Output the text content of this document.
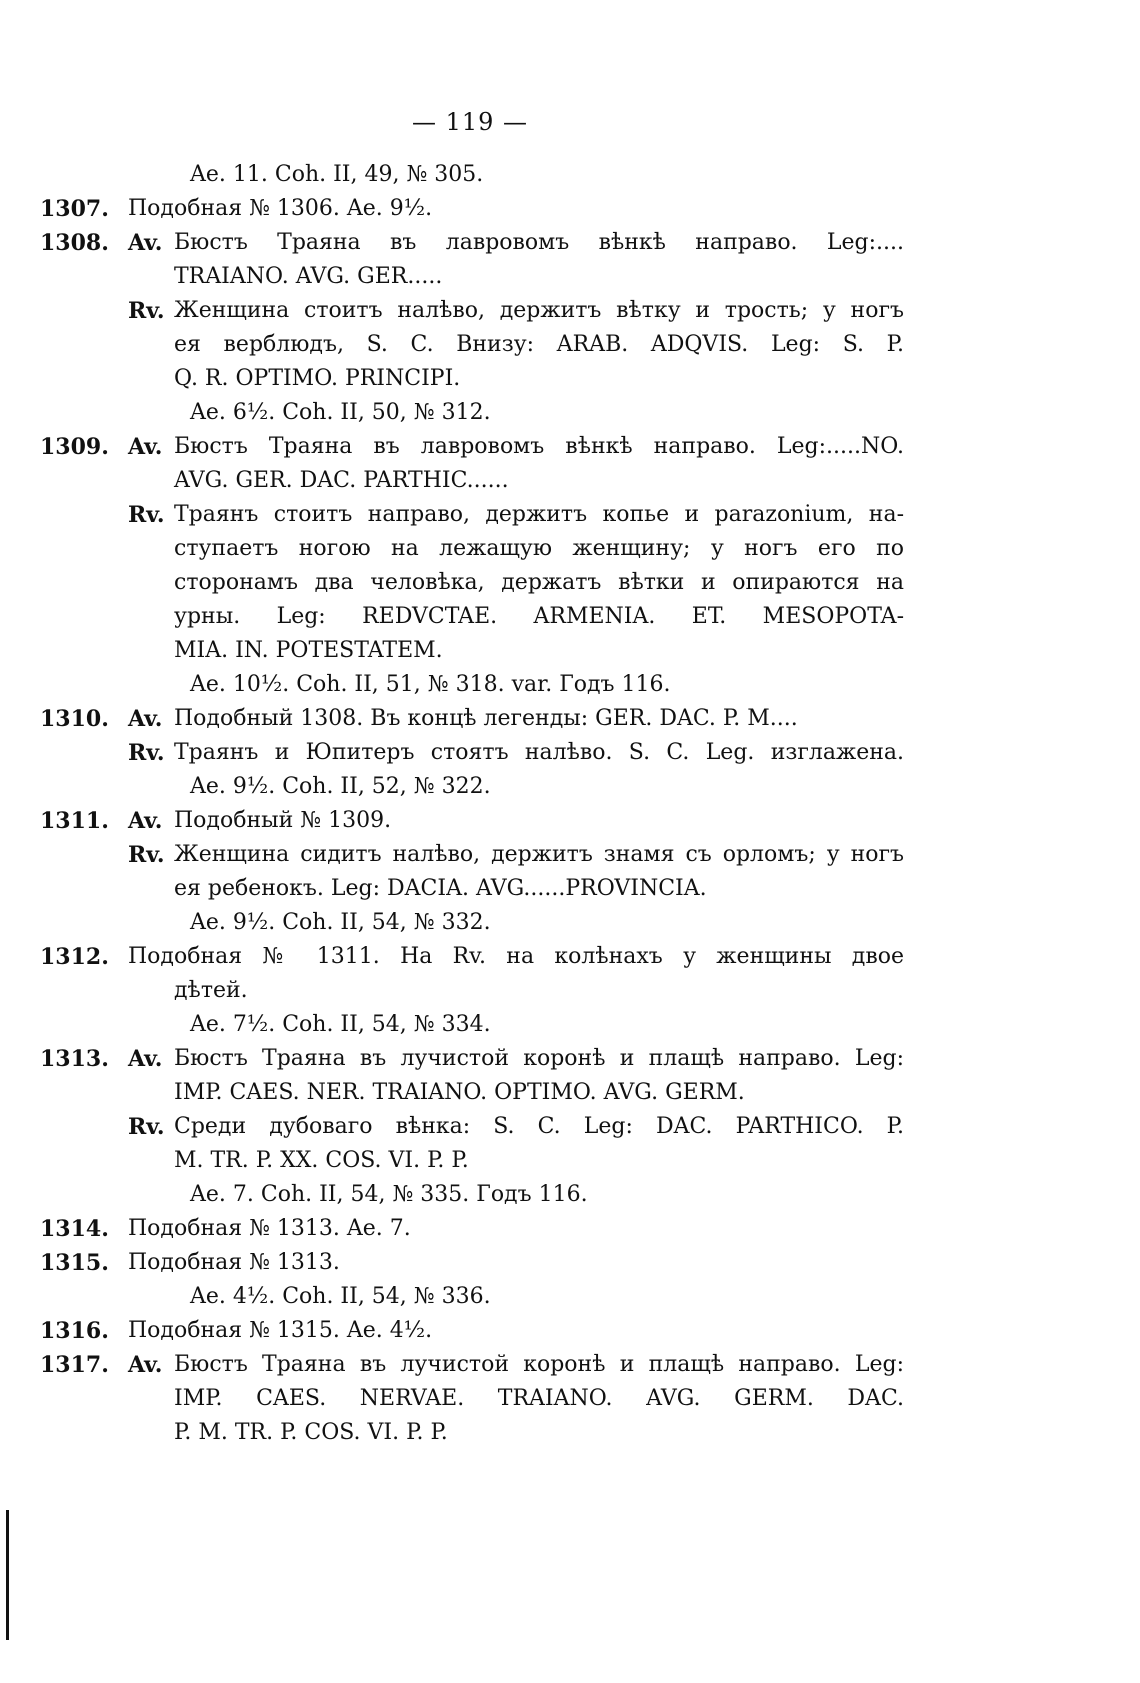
— 119 —
Ae. 11. Coh. II, 49, № 305.
1307. Подобная № 1306. Ae. 9½.
1308. Av. Бюстъ Траяна въ лавровомъ вѣнкѣ направо. Leg:....
TRAIANO. AVG. GER.....
Rv. Женщина стоитъ налѣво, держитъ вѣтку и трость; у ногъ
ея верблюдъ, S. C. Внизу: ARAB. ADQVIS. Leg: S. P.
Q. R. OPTIMO. PRINCIPI.
Ae. 6½. Coh. II, 50, № 312.
1309. Av. Бюстъ Траяна въ лавровомъ вѣнкѣ направо. Leg:.....NO.
AVG. GER. DAC. PARTHIC......
Rv. Траянъ стоитъ направо, держитъ копье и parazonium, на-
ступаетъ ногою на лежащую женщину; у ногъ его по
сторонамъ два человѣка, держатъ вѣтки и опираются на
урны. Leg: REDVCTAE. ARMENIA. ET. MESOPOTA-
MIA. IN. POTESTATEM.
Ae. 10½. Coh. II, 51, № 318. var. Годъ 116.
1310. Av. Подобный 1308. Въ концѣ легенды: GER. DAC. P. M....
Rv. Траянъ и Юпитеръ стоятъ налѣво. S. C. Leg. изглажена.
Ae. 9½. Coh. II, 52, № 322.
1311. Av. Подобный № 1309.
Rv. Женщина сидитъ налѣво, держитъ знамя съ орломъ; у ногъ
ея ребенокъ. Leg: DACIA. AVG......PROVINCIA.
Ae. 9½. Coh. II, 54, № 332.
1312. Подобная № 1311. На Rv. на колѣнахъ у женщины двое
дѣтей.
Ae. 7½. Coh. II, 54, № 334.
1313. Av. Бюстъ Траяна въ лучистой коронѣ и плащѣ направо. Leg:
IMP. CAES. NER. TRAIANO. OPTIMO. AVG. GERM.
Rv. Среди дубоваго вѣнка: S. C. Leg: DAC. PARTHICO. P.
M. TR. P. XX. COS. VI. P. P.
Ae. 7. Coh. II, 54, № 335. Годъ 116.
1314. Подобная № 1313. Ae. 7.
1315. Подобная № 1313.
Ae. 4½. Coh. II, 54, № 336.
1316. Подобная № 1315. Ae. 4½.
1317. Av. Бюстъ Траяна въ лучистой коронѣ и плащѣ направо. Leg:
IMP. CAES. NERVAE. TRAIANO. AVG. GERM. DAC.
P. M. TR. P. COS. VI. P. P.
